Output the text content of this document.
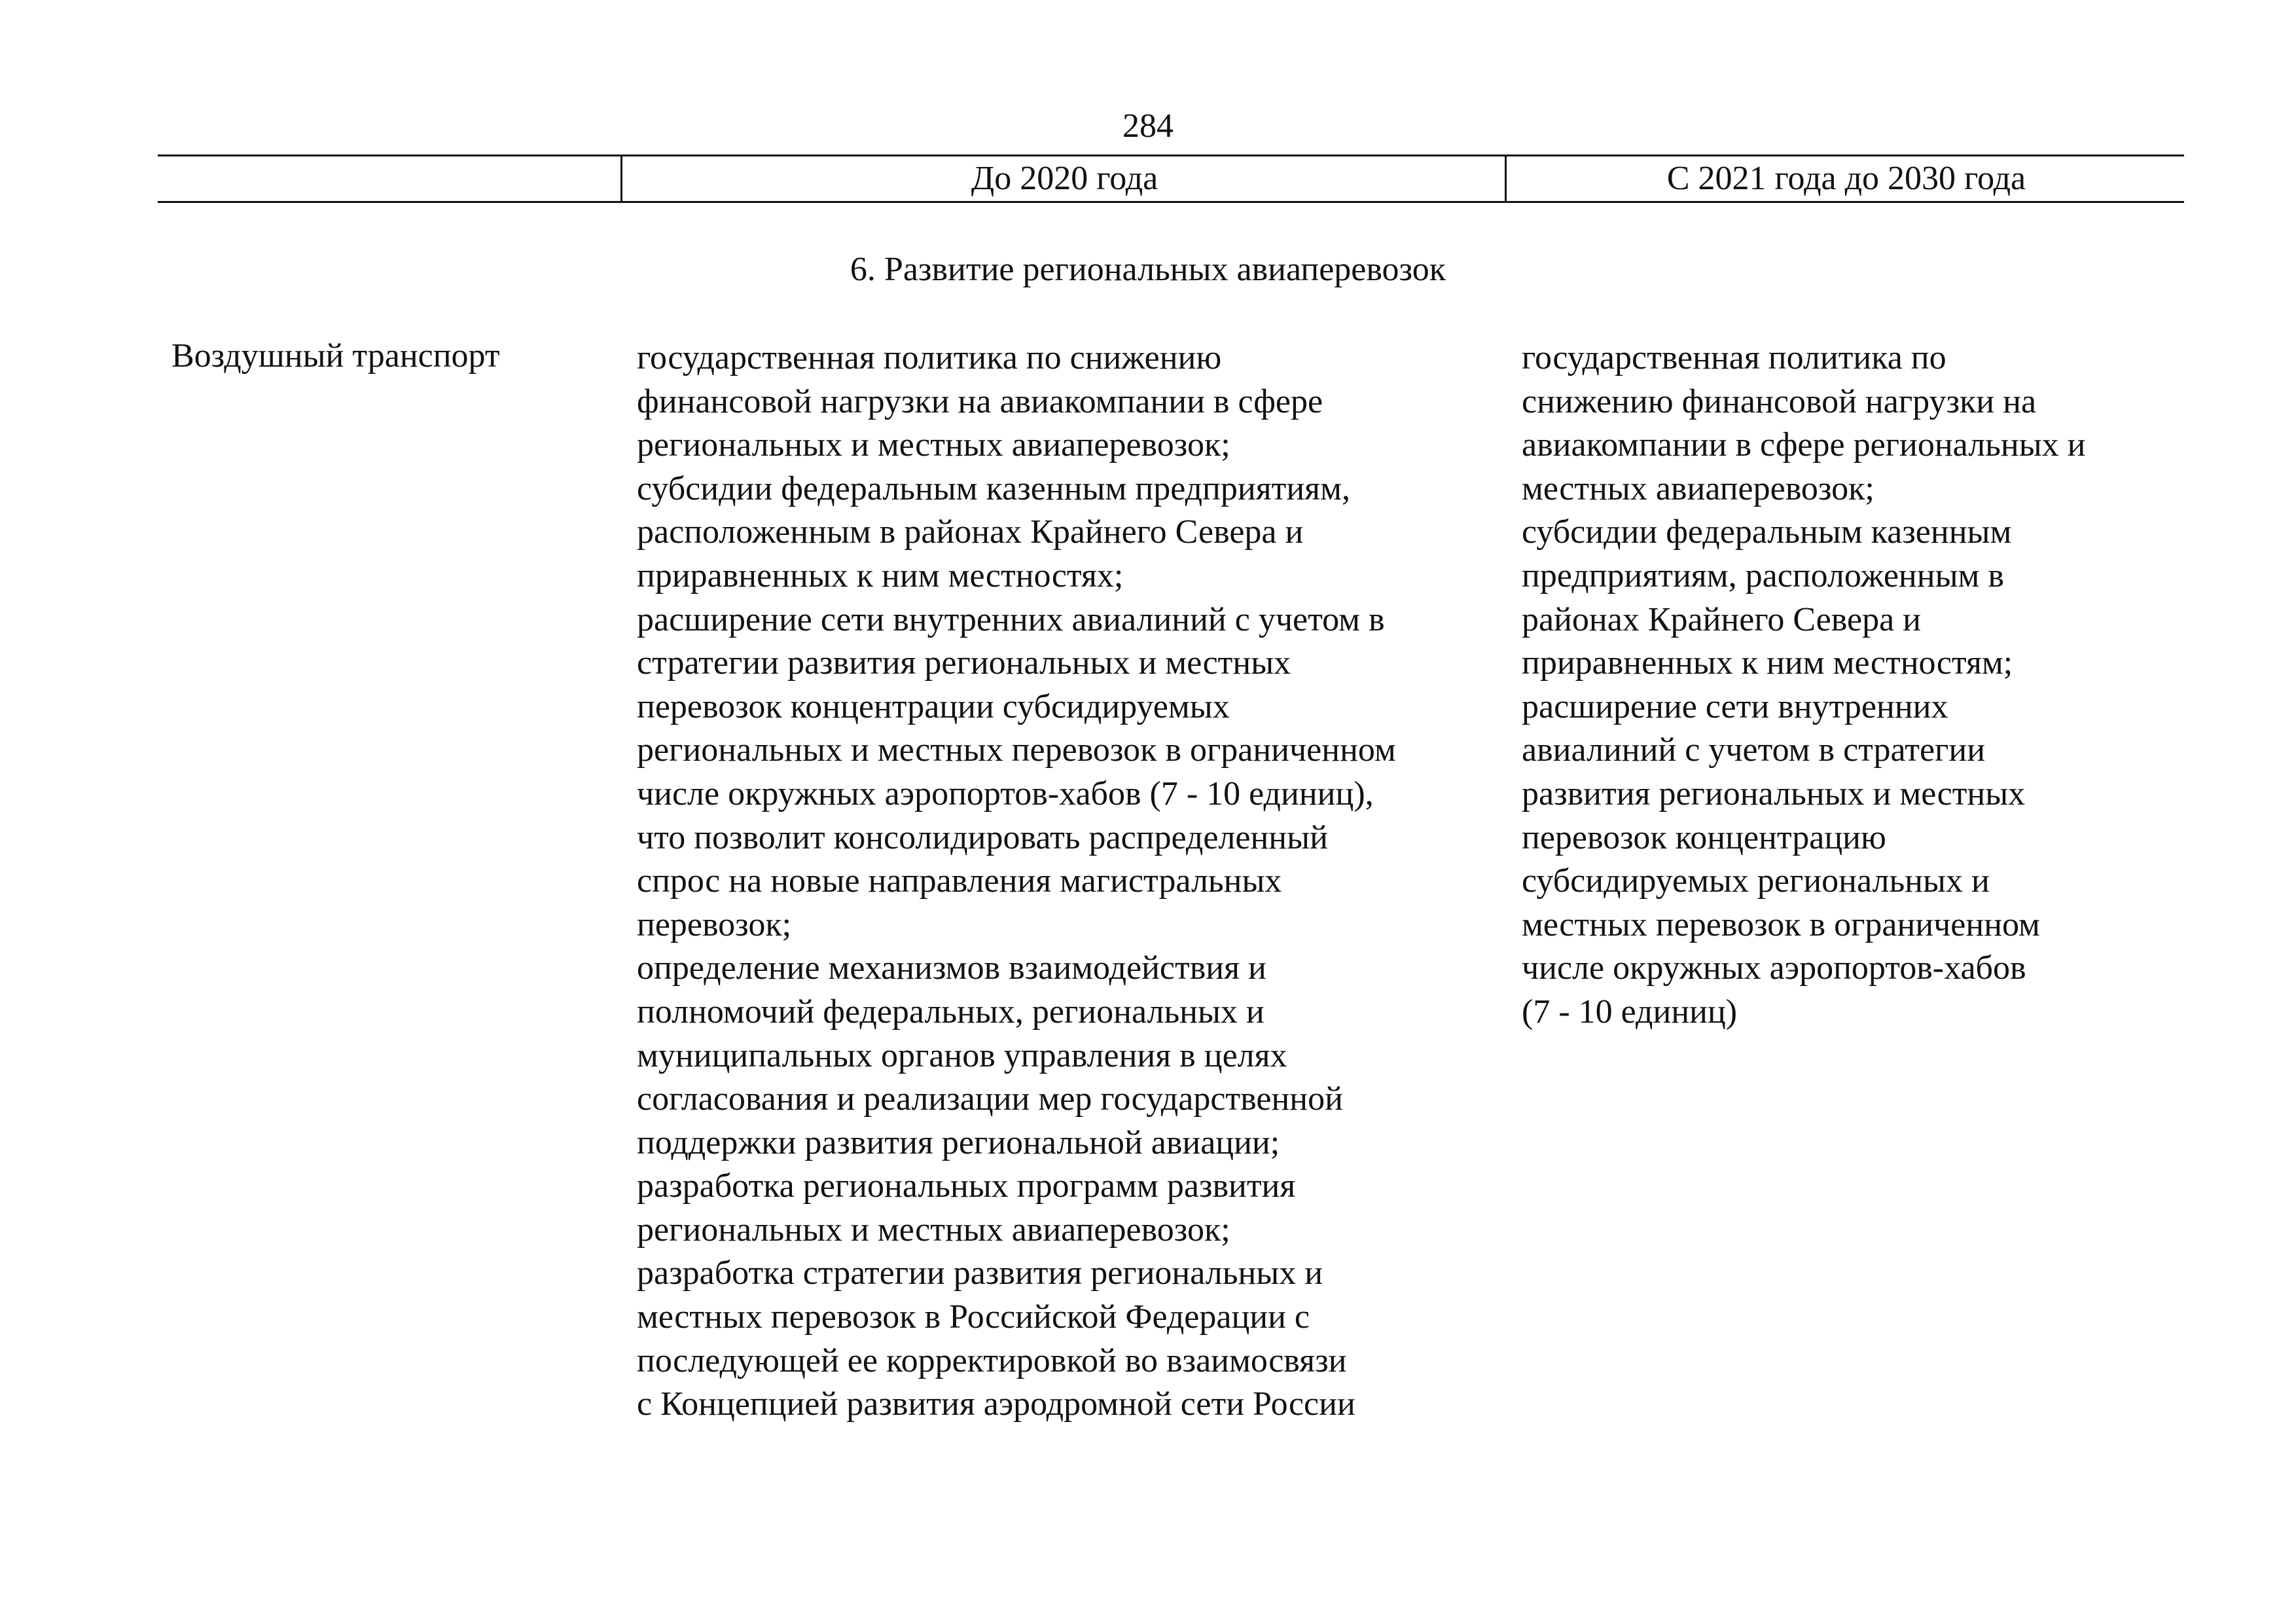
284
До 2020 года	С 2021 года до 2030 года
6. Развитие региональных авиаперевозок
Воздушный транспорт	государственная политика по снижению
финансовой нагрузки на авиакомпании в сфере
региональных и местных авиаперевозок;
субсидии федеральным казенным предприятиям,
расположенным в районах Крайнего Севера и
приравненных к ним местностях;
расширение сети внутренних авиалиний с учетом в
стратегии развития региональных и местных
перевозок концентрации субсидируемых
региональных и местных перевозок в ограниченном
числе окружных аэропортов-хабов (7 - 10 единиц),
что позволит консолидировать распределенный
спрос на новые направления магистральных
перевозок;
определение механизмов взаимодействия и
полномочий федеральных, региональных и
муниципальных органов управления в целях
согласования и реализации мер государственной
поддержки развития региональной авиации;
разработка региональных программ развития
региональных и местных авиаперевозок;
разработка стратегии развития региональных и
местных перевозок в Российской Федерации с
последующей ее корректировкой во взаимосвязи
с Концепцией развития аэродромной сети России
государственная политика по
снижению финансовой нагрузки на
авиакомпании в сфере региональных и
местных авиаперевозок;
субсидии федеральным казенным
предприятиям, расположенным в
районах Крайнего Севера и
приравненных к ним местностям;
расширение сети внутренних
авиалиний с учетом в стратегии
развития региональных и местных
перевозок концентрацию
субсидируемых региональных и
местных перевозок в ограниченном
числе окружных аэропортов-хабов
(7 - 10 единиц)
